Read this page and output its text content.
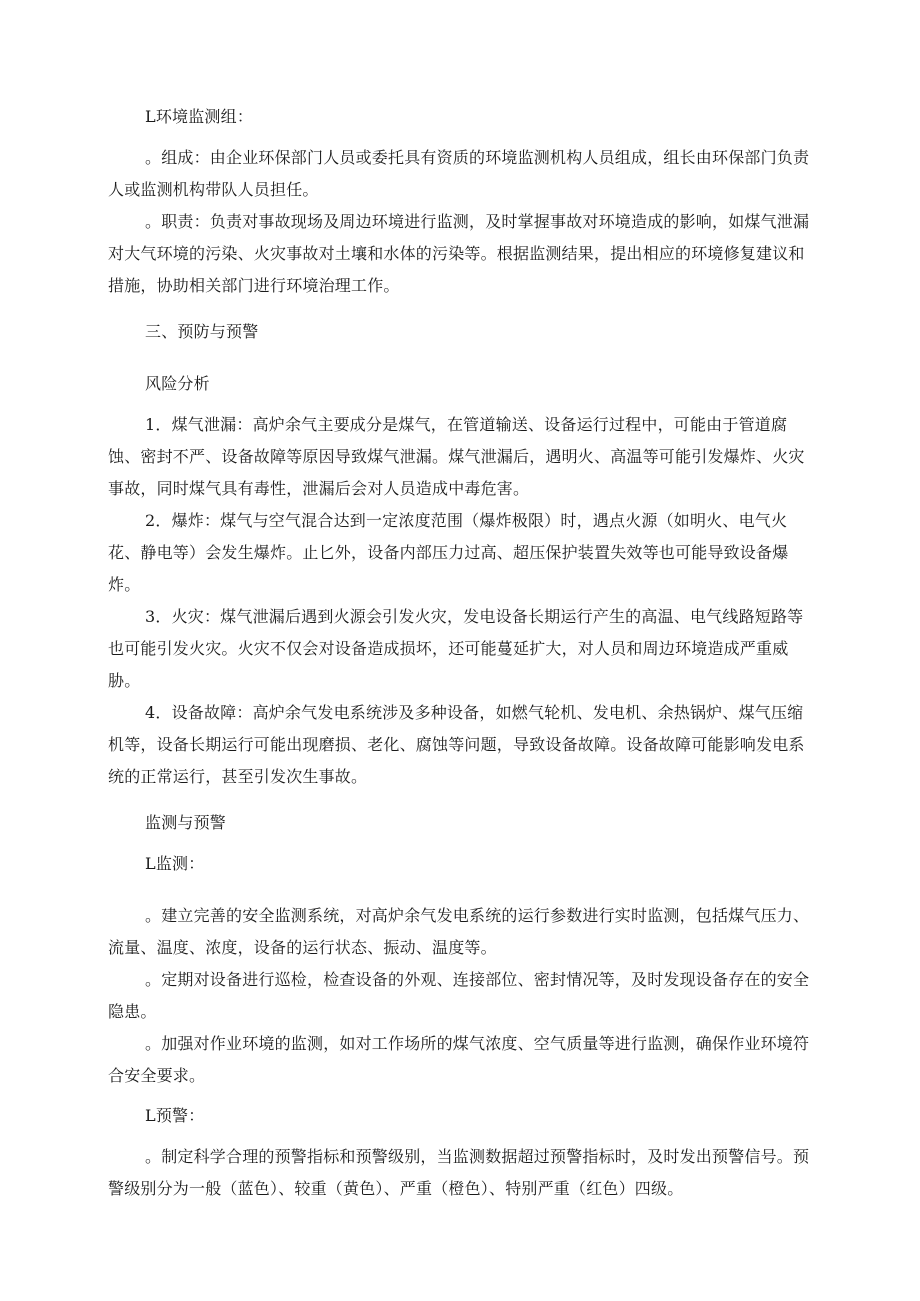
L环境监测组：

。组成：由企业环保部门人员或委托具有资质的环境监测机构人员组成，组长由环保部门负责人或监测机构带队人员担任。

。职责：负责对事故现场及周边环境进行监测，及时掌握事故对环境造成的影响，如煤气泄漏对大气环境的污染、火灾事故对土壤和水体的污染等。根据监测结果，提出相应的环境修复建议和措施，协助相关部门进行环境治理工作。

三、预防与预警

风险分析

1．煤气泄漏：高炉余气主要成分是煤气，在管道输送、设备运行过程中，可能由于管道腐蚀、密封不严、设备故障等原因导致煤气泄漏。煤气泄漏后，遇明火、高温等可能引发爆炸、火灾事故，同时煤气具有毒性，泄漏后会对人员造成中毒危害。

2．爆炸：煤气与空气混合达到一定浓度范围（爆炸极限）时，遇点火源（如明火、电气火花、静电等）会发生爆炸。止匕外，设备内部压力过高、超压保护装置失效等也可能导致设备爆炸。

3．火灾：煤气泄漏后遇到火源会引发火灾，发电设备长期运行产生的高温、电气线路短路等也可能引发火灾。火灾不仅会对设备造成损坏，还可能蔓延扩大，对人员和周边环境造成严重威胁。

4．设备故障：高炉余气发电系统涉及多种设备，如燃气轮机、发电机、余热锅炉、煤气压缩机等，设备长期运行可能出现磨损、老化、腐蚀等问题，导致设备故障。设备故障可能影响发电系统的正常运行，甚至引发次生事故。

监测与预警

L监测：

。建立完善的安全监测系统，对高炉余气发电系统的运行参数进行实时监测，包括煤气压力、流量、温度、浓度，设备的运行状态、振动、温度等。

。定期对设备进行巡检，检查设备的外观、连接部位、密封情况等，及时发现设备存在的安全隐患。

。加强对作业环境的监测，如对工作场所的煤气浓度、空气质量等进行监测，确保作业环境符合安全要求。

L预警：

。制定科学合理的预警指标和预警级别，当监测数据超过预警指标时，及时发出预警信号。预警级别分为一般（蓝色）、较重（黄色）、严重（橙色）、特别严重（红色）四级。
